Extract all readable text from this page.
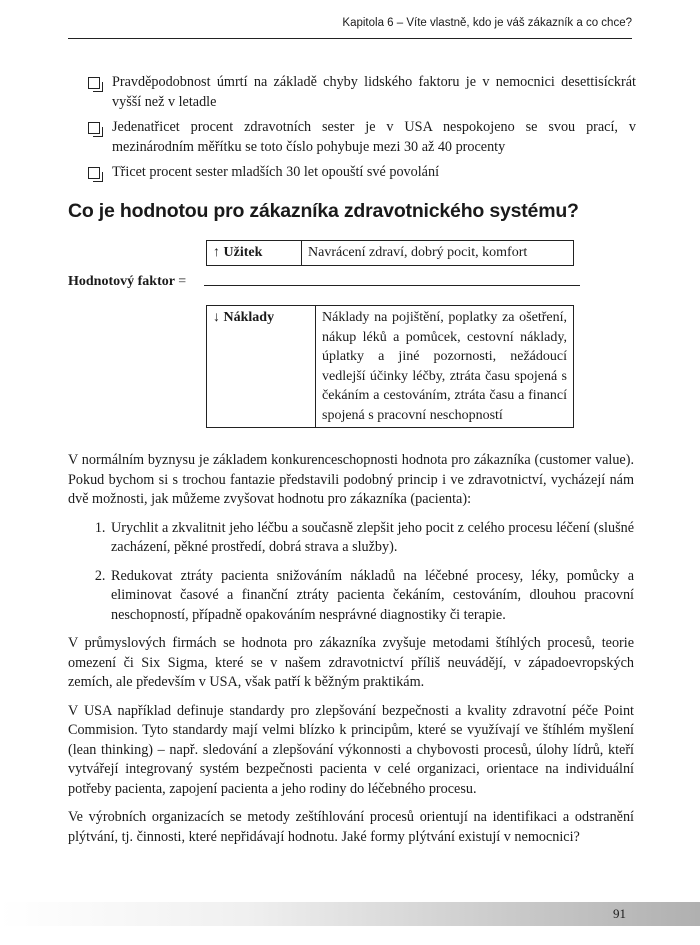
Kapitola 6 – Víte vlastně, kdo je váš zákazník a co chce?
Pravděpodobnost úmrtí na základě chyby lidského faktoru je v nemocnici desettisíckrát vyšší než v letadle
Jedenatřicet procent zdravotních sester je v USA nespokojeno se svou prací, v mezinárodním měřítku se toto číslo pohybuje mezi 30 až 40 procenty
Třicet procent sester mladších 30 let opouští své povolání
Co je hodnotou pro zákazníka zdravotnického systému?
↑ Užitek	Navrácení zdraví, dobrý pocit, komfort
Hodnotový faktor =
↓ Náklady	Náklady na pojištění, poplatky za ošetření, nákup léků a pomůcek, cestovní náklady, úplatky a jiné pozornosti, nežádoucí vedlejší účinky léčby, ztráta času spojená s čekáním a cestováním, ztráta času a financí spojená s pracovní neschopností

V normálním byznysu je základem konkurenceschopnosti hodnota pro zákazníka (customer value). Pokud bychom si s trochou fantazie představili podobný princip i ve zdravotnictví, vycházejí nám dvě možnosti, jak můžeme zvyšovat hodnotu pro zákazníka (pacienta):

1. Urychlit a zkvalitnit jeho léčbu a současně zlepšit jeho pocit z celého procesu léčení (slušné zacházení, pěkné prostředí, dobrá strava a služby).
2. Redukovat ztráty pacienta snižováním nákladů na léčebné procesy, léky, pomůcky a eliminovat časové a finanční ztráty pacienta čekáním, cestováním, dlouhou pracovní neschopností, případně opakováním nesprávné diagnostiky či terapie.

V průmyslových firmách se hodnota pro zákazníka zvyšuje metodami štíhlých procesů, teorie omezení či Six Sigma, které se v našem zdravotnictví příliš neuvádějí, v západoevropských zemích, ale především v USA, však patří k běžným praktikám.

V USA například definuje standardy pro zlepšování bezpečnosti a kvality zdravotní péče Point Commision. Tyto standardy mají velmi blízko k principům, které se využívají ve štíhlém myšlení (lean thinking) – např. sledování a zlepšování výkonnosti a chybovosti procesů, úlohy lídrů, kteří vytvářejí integrovaný systém bezpečnosti pacienta v celé organizaci, orientace na individuální potřeby pacienta, zapojení pacienta a jeho rodiny do léčebného procesu.

Ve výrobních organizacích se metody zeštíhlování procesů orientují na identifikaci a odstranění plýtvání, tj. činnosti, které nepřidávají hodnotu. Jaké formy plýtvání existují v nemocnici?

91
